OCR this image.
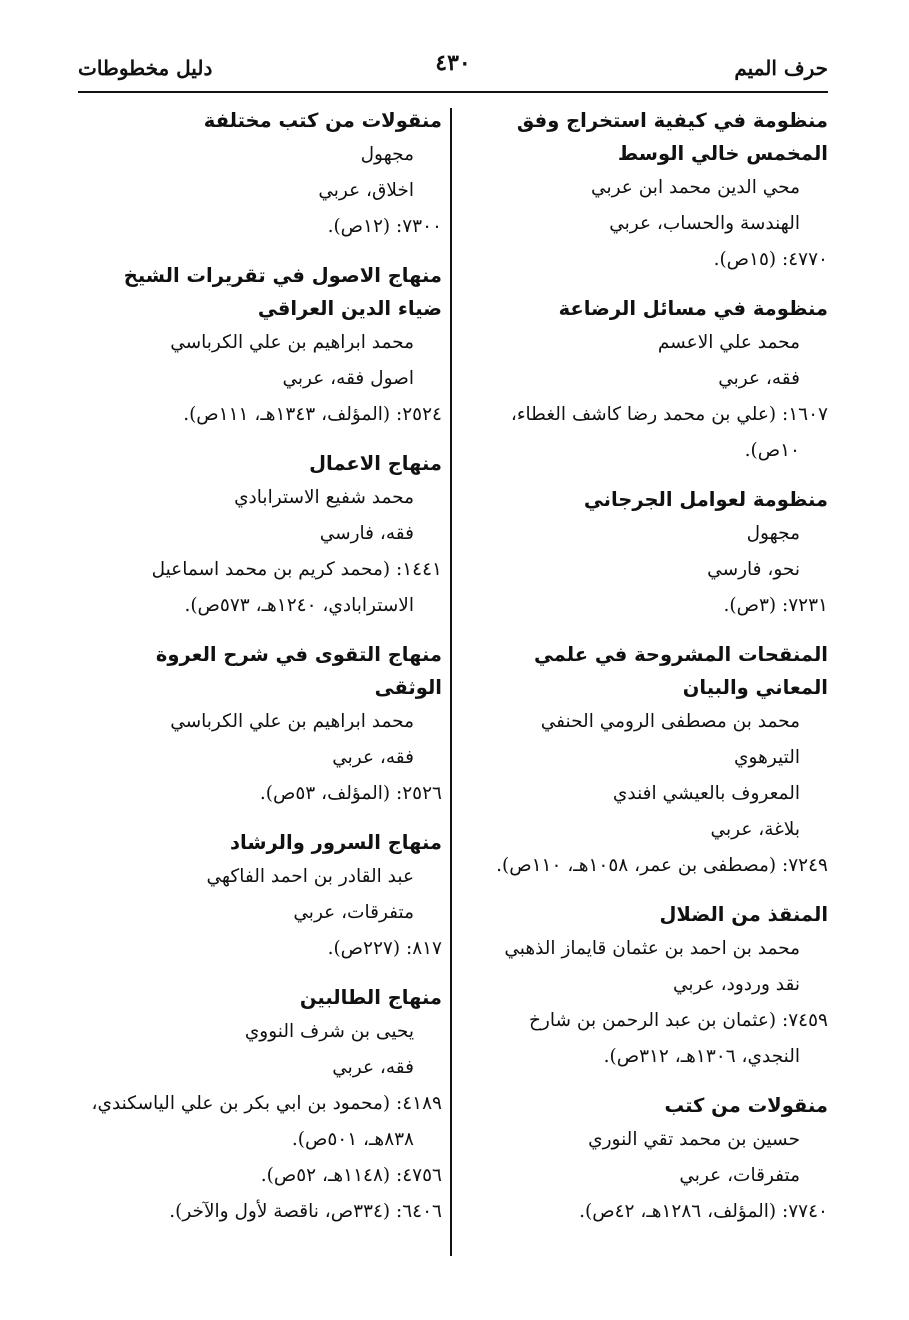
حرف الميم
٤٣٠
دليل مخطوطات
منظومة في كيفية استخراج وفق المخمس خالي الوسط
محي الدين محمد ابن عربي
الهندسة والحساب، عربي
٤٧٧٠: (١٥ص).
منظومة في مسائل الرضاعة
محمد علي الاعسم
فقه، عربي
١٦٠٧: (علي بن محمد رضا كاشف الغطاء،
١٠ص).
منظومة لعوامل الجرجاني
مجهول
نحو، فارسي
٧٢٣١: (٣ص).
المنقحات المشروحة في علمي المعاني والبيان
محمد بن مصطفى الرومي الحنفي التيرهوي
المعروف بالعيشي افندي
بلاغة، عربي
٧٢٤٩: (مصطفى بن عمر، ١٠٥٨هـ، ١١٠ص).
المنقذ من الضلال
محمد بن احمد بن عثمان قايماز الذهبي
نقد وردود، عربي
٧٤٥٩: (عثمان بن عبد الرحمن بن شارخ
النجدي، ١٣٠٦هـ، ٣١٢ص).
منقولات من كتب
حسين بن محمد تقي النوري
متفرقات، عربي
٧٧٤٠: (المؤلف، ١٢٨٦هـ، ٤٢ص).
منقولات من كتب مختلفة
مجهول
اخلاق، عربي
٧٣٠٠: (١٢ص).
منهاج الاصول في تقريرات الشيخ ضياء الدين العراقي
محمد ابراهيم بن علي الكرباسي
اصول فقه، عربي
٢٥٢٤: (المؤلف، ١٣٤٣هـ، ١١١ص).
منهاج الاعمال
محمد شفيع الاسترابادي
فقه، فارسي
١٤٤١: (محمد كريم بن محمد اسماعيل
الاسترابادي، ١٢٤٠هـ، ٥٧٣ص).
منهاج التقوى في شرح العروة الوثقى
محمد ابراهيم بن علي الكرباسي
فقه، عربي
٢٥٢٦: (المؤلف، ٥٣ص).
منهاج السرور والرشاد
عبد القادر بن احمد الفاكهي
متفرقات، عربي
٨١٧: (٢٢٧ص).
منهاج الطالبين
يحيى بن شرف النووي
فقه، عربي
٤١٨٩: (محمود بن ابي بكر بن علي الياسكندي،
٨٣٨هـ، ٥٠١ص).
٤٧٥٦: (١١٤٨هـ، ٥٢ص).
٦٤٠٦: (٣٣٤ص، ناقصة لأول والآخر).
